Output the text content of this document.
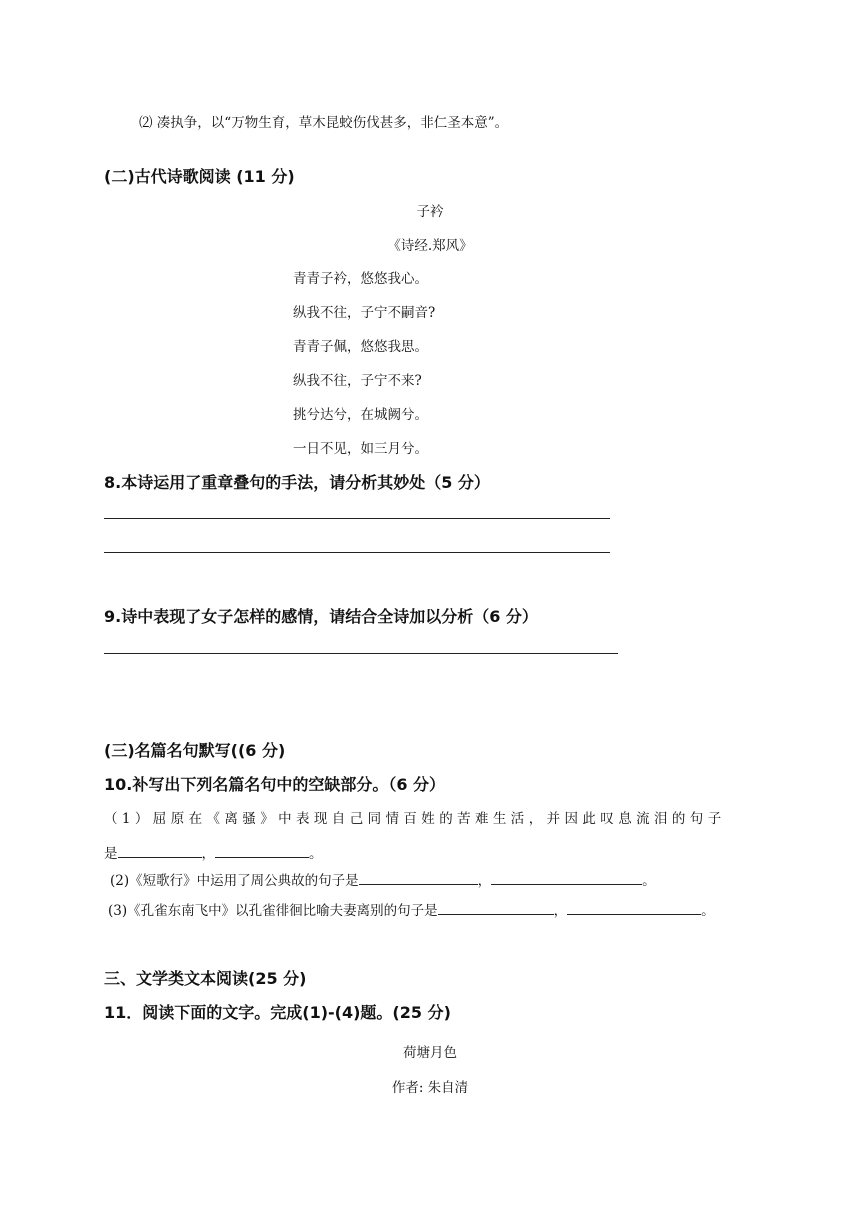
⑵ 凑执争，以“万物生育，草木昆蛟伤伐甚多，非仁圣本意”。
(二)古代诗歌阅读 (11 分)
子衿
《诗经.郑风》
青青子衿，悠悠我心。
纵我不往，子宁不嗣音?
青青子佩，悠悠我思。
纵我不往，子宁不来?
挑兮达兮，在城阙兮。
一日不见，如三月兮。
8.本诗运用了重章叠句的手法，请分析其妙处（5 分）
9.诗中表现了女子怎样的感情，请结合全诗加以分析（6 分）
(三)名篇名句默写((6 分)
10.补写出下列名篇名句中的空缺部分。（6 分）
（1）屈原在《离骚》中表现自己同情百姓的苦难生活，并因此叹息流泪的句子
是	，	。
(2)《短歌行》中运用了周公典故的句子是	，	。
(3)《孔雀东南飞中》以孔雀徘徊比喻夫妻离别的句子是	，	。
三、文学类文本阅读(25 分)
11．阅读下面的文字。完成(1)-(4)题。(25 分)
荷塘月色
作者: 朱自清
